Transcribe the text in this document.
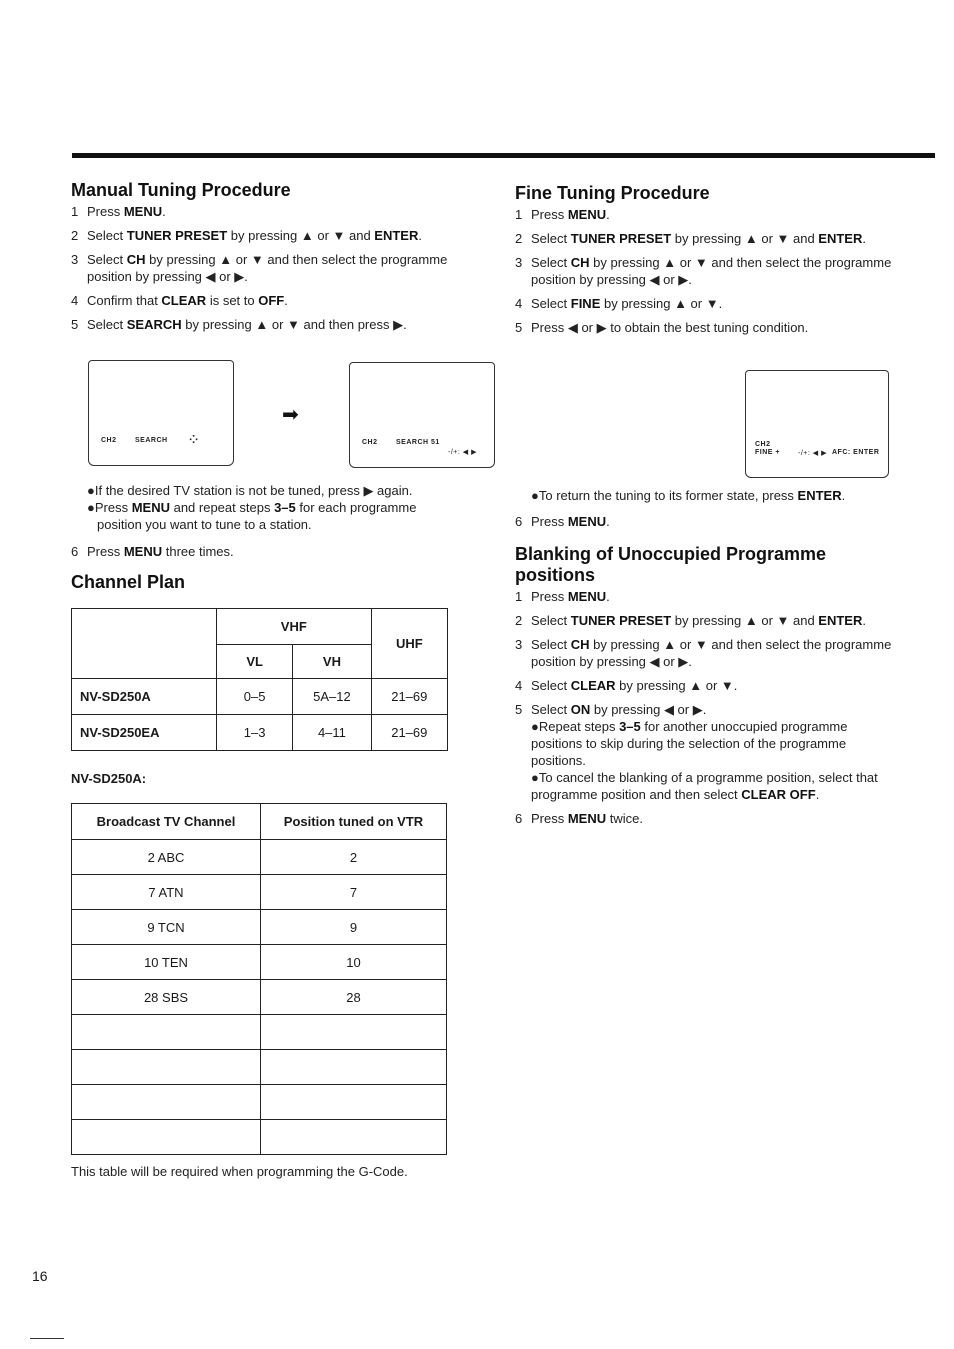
Manual Tuning Procedure
1 Press MENU.
2 Select TUNER PRESET by pressing ▲ or ▼ and ENTER.
3 Select CH by pressing ▲ or ▼ and then select the programme position by pressing ◀ or ▶.
4 Confirm that CLEAR is set to OFF.
5 Select SEARCH by pressing ▲ or ▼ and then press ▶.
CH2	SEARCH ⁘
➡
CH2	SEARCH 51
-/+: ◀ ▶

●If the desired TV station is not be tuned, press ▶ again.

●Press MENU and repeat steps 3–5 for each programme position you want to tune to a station.

6 Press MENU three times.
Channel Plan
	VHF		UHF
	VL	VH	
NV-SD250A	0–5	5A–12	21–69
NV-SD250EA	1–3	4–11	21–69
NV-SD250A:
Broadcast TV Channel	Position tuned on VTR
2 ABC	2
7 ATN	7
9 TCN	9
10 TEN	10
28 SBS	28

This table will be required when programming the G-Code.
Fine Tuning Procedure
1 Press MENU.
2 Select TUNER PRESET by pressing ▲ or ▼ and ENTER.
3 Select CH by pressing ▲ or ▼ and then select the programme position by pressing ◀ or ▶.
4 Select FINE by pressing ▲ or ▼.
5 Press ◀ or ▶ to obtain the best tuning condition.
CH2
FINE +	-/+: ◀ ▶ AFC: ENTER

●To return the tuning to its former state, press ENTER.

6 Press MENU.
Blanking of Unoccupied Programme positions
1 Press MENU.
2 Select TUNER PRESET by pressing ▲ or ▼ and ENTER.
3 Select CH by pressing ▲ or ▼ and then select the programme position by pressing ◀ or ▶.
4 Select CLEAR by pressing ▲ or ▼.
5 Select ON by pressing ◀ or ▶.
●Repeat steps 3–5 for another unoccupied programme positions to skip during the selection of the programme positions.
●To cancel the blanking of a programme position, select that programme position and then select CLEAR OFF.
6 Press MENU twice.
16
